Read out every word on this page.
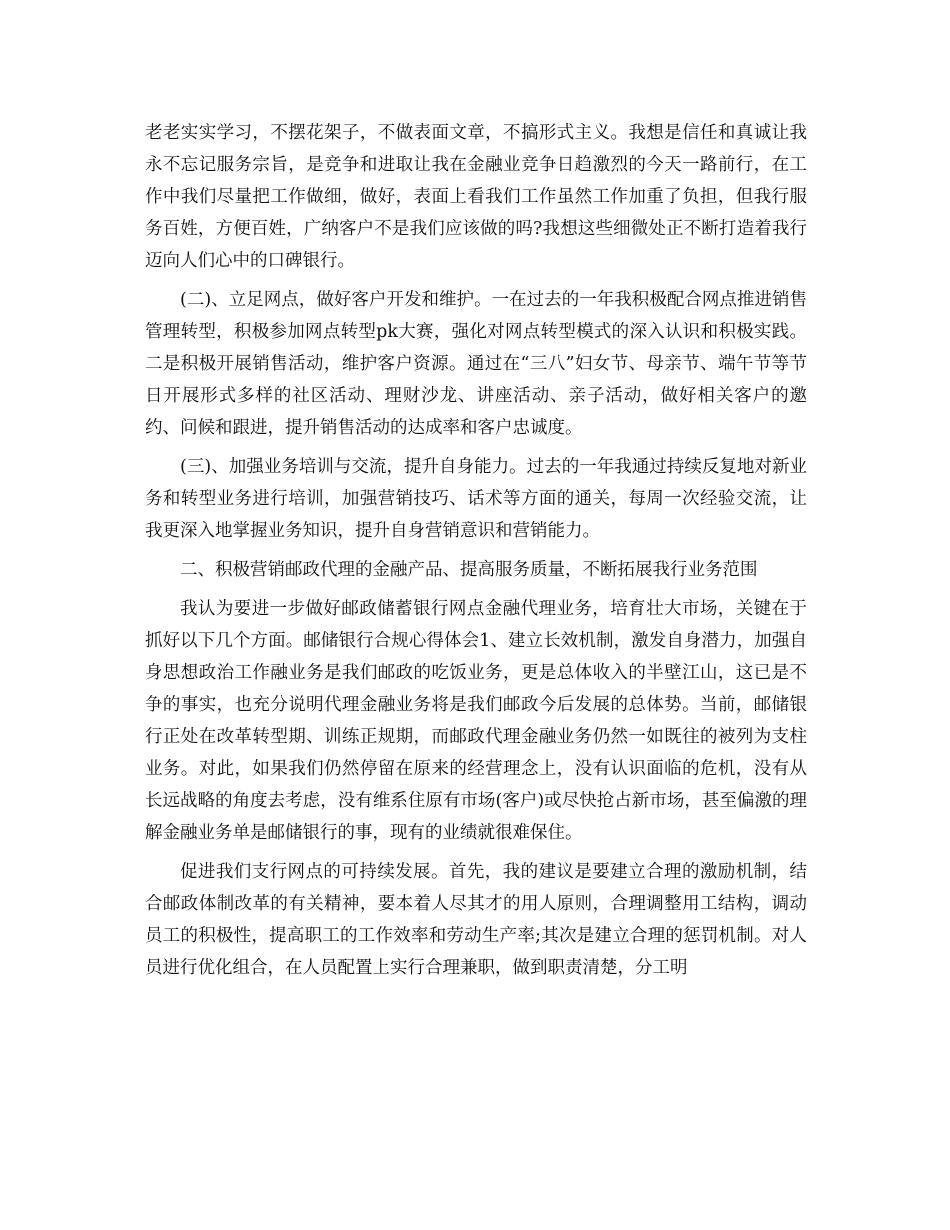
老老实实学习，不摆花架子，不做表面文章，不搞形式主义。我想是信任和真诚让我永不忘记服务宗旨，是竞争和进取让我在金融业竞争日趋激烈的今天一路前行，在工作中我们尽量把工作做细，做好，表面上看我们工作虽然工作加重了负担，但我行服务百姓，方便百姓，广纳客户不是我们应该做的吗?我想这些细微处正不断打造着我行迈向人们心中的口碑银行。

(二)、立足网点，做好客户开发和维护。一在过去的一年我积极配合网点推进销售管理转型，积极参加网点转型pk大赛，强化对网点转型模式的深入认识和积极实践。二是积极开展销售活动，维护客户资源。通过在“三八”妇女节、母亲节、端午节等节日开展形式多样的社区活动、理财沙龙、讲座活动、亲子活动，做好相关客户的邀约、问候和跟进，提升销售活动的达成率和客户忠诚度。

(三)、加强业务培训与交流，提升自身能力。过去的一年我通过持续反复地对新业务和转型业务进行培训，加强营销技巧、话术等方面的通关，每周一次经验交流，让我更深入地掌握业务知识，提升自身营销意识和营销能力。

二、积极营销邮政代理的金融产品、提高服务质量，不断拓展我行业务范围

我认为要进一步做好邮政储蓄银行网点金融代理业务，培育壮大市场，关键在于抓好以下几个方面。邮储银行合规心得体会1、建立长效机制，激发自身潜力，加强自身思想政治工作融业务是我们邮政的吃饭业务，更是总体收入的半壁江山，这已是不争的事实，也充分说明代理金融业务将是我们邮政今后发展的总体势。当前，邮储银行正处在改革转型期、训练正规期，而邮政代理金融业务仍然一如既往的被列为支柱业务。对此，如果我们仍然停留在原来的经营理念上，没有认识面临的危机，没有从长远战略的角度去考虑，没有维系住原有市场(客户)或尽快抢占新市场，甚至偏激的理解金融业务单是邮储银行的事，现有的业绩就很难保住。

促进我们支行网点的可持续发展。首先，我的建议是要建立合理的激励机制，结合邮政体制改革的有关精神，要本着人尽其才的用人原则，合理调整用工结构，调动员工的积极性，提高职工的工作效率和劳动生产率;其次是建立合理的惩罚机制。对人员进行优化组合，在人员配置上实行合理兼职，做到职责清楚，分工明
